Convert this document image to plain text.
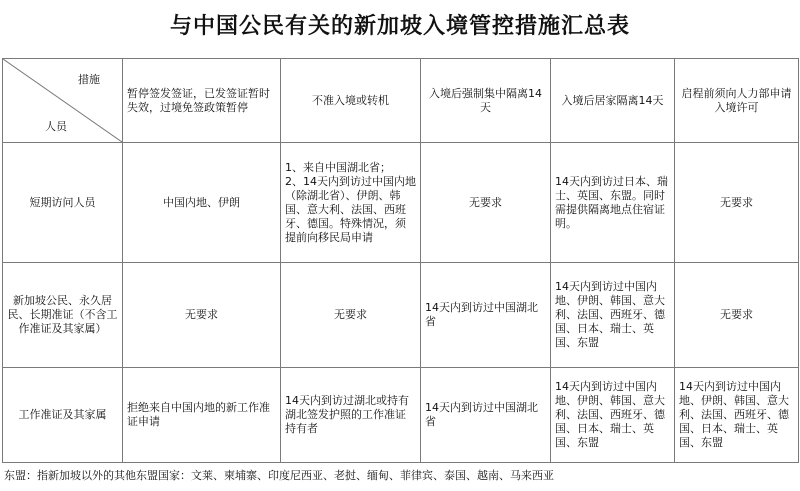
与中国公民有关的新加坡入境管控措施汇总表
措施
人员	暂停签发签证，已发签证暂时失效，过境免签政策暂停	不准入境或转机	入境后强制集中隔离14天	入境后居家隔离14天	启程前须向人力部申请入境许可
短期访问人员	中国内地、伊朗	1、来自中国湖北省；
2、14天内到访过中国内地（除湖北省）、伊朗、韩国、意大利、法国、西班牙、德国。特殊情况，须提前向移民局申请	无要求	14天内到访过日本、瑞士、英国、东盟。同时需提供隔离地点住宿证明。	无要求
新加坡公民、永久居民、长期准证（不含工作准证及其家属）	无要求	无要求	14天内到访过中国湖北省	14天内到访过中国内地、伊朗、韩国、意大利、法国、西班牙、德国、日本、瑞士、英国、东盟	无要求
工作准证及其家属	拒绝来自中国内地的新工作准证申请	14天内到访过湖北或持有湖北签发护照的工作准证持有者	14天内到访过中国湖北省	14天内到访过中国内地、伊朗、韩国、意大利、法国、西班牙、德国、日本、瑞士、英国、东盟	14天内到访过中国内地、伊朗、韩国、意大利、法国、西班牙、德国、日本、瑞士、英国、东盟
东盟：指新加坡以外的其他东盟国家：文莱、柬埔寨、印度尼西亚、老挝、缅甸、菲律宾、泰国、越南、马来西亚
